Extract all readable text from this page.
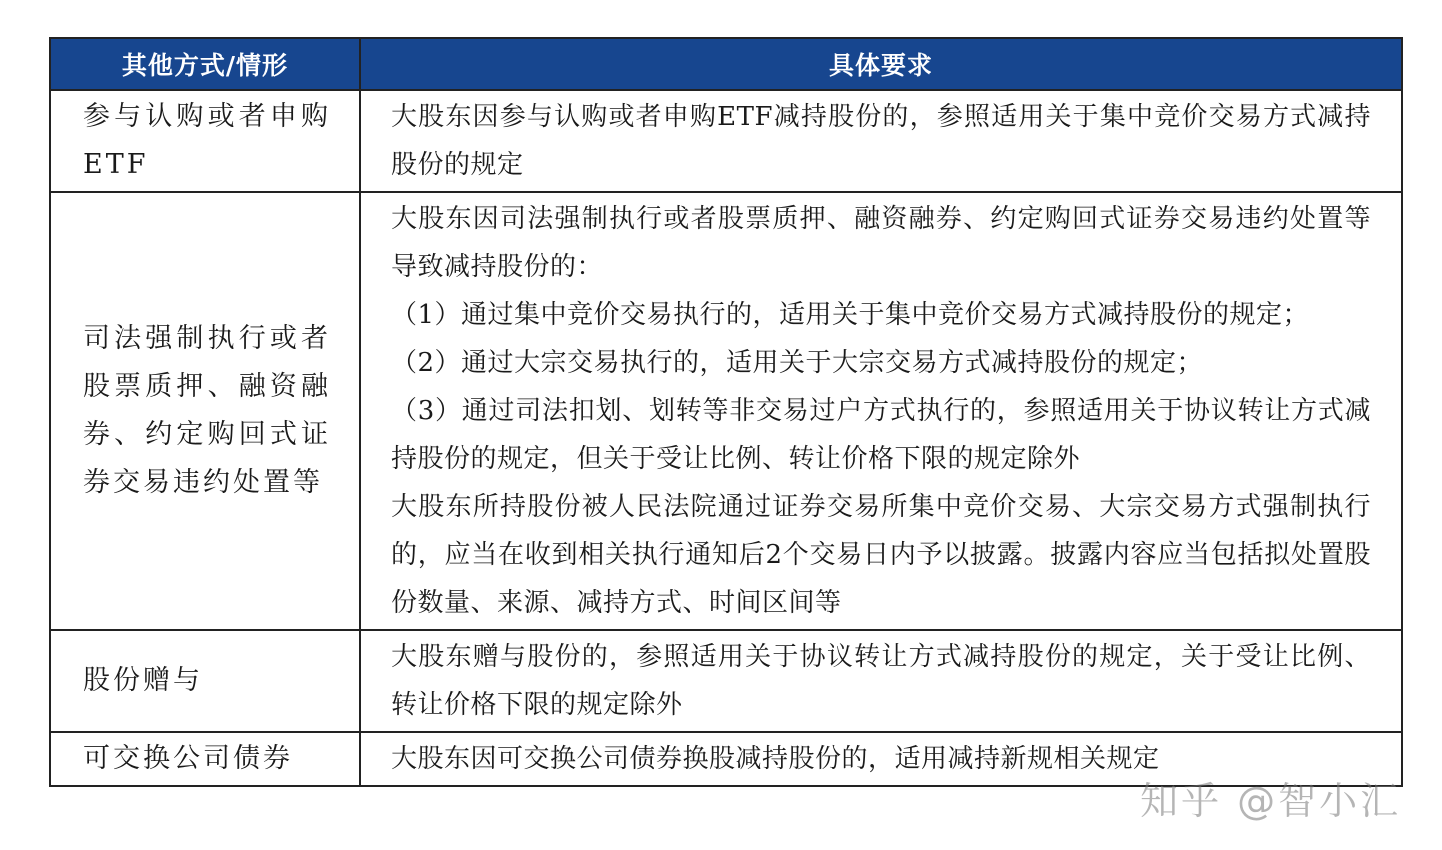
其他方式/情形	具体要求
参与认购或者申购ETF	大股东因参与认购或者申购ETF减持股份的，参照适用关于集中竞价交易方式减持股份的规定

司法强制执行或者股票质押、融资融券、约定购回式证券交易违约处置等	大股东因司法强制执行或者股票质押、融资融券、约定购回式证券交易违约处置等导致减持股份的：

（1）通过集中竞价交易执行的，适用关于集中竞价交易方式减持股份的规定；

（2）通过大宗交易执行的，适用关于大宗交易方式减持股份的规定；

（3）通过司法扣划、划转等非交易过户方式执行的，参照适用关于协议转让方式减持股份的规定，但关于受让比例、转让价格下限的规定除外

大股东所持股份被人民法院通过证券交易所集中竞价交易、大宗交易方式强制执行的，应当在收到相关执行通知后2个交易日内予以披露。披露内容应当包括拟处置股份数量、来源、减持方式、时间区间等

股份赠与	大股东赠与股份的，参照适用关于协议转让方式减持股份的规定，关于受让比例、转让价格下限的规定除外

可交换公司债券	大股东因可交换公司债券换股减持股份的，适用减持新规相关规定

知乎 @智小汇
